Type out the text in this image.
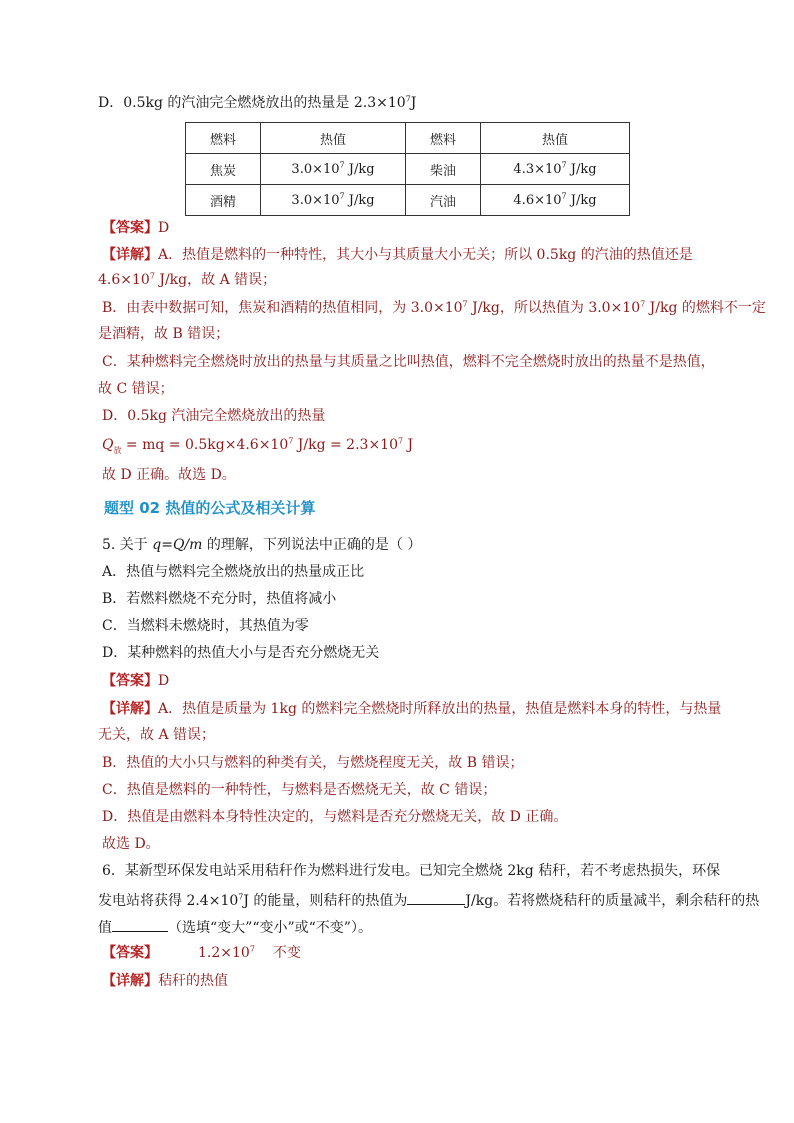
D．0.5kg 的汽油完全燃烧放出的热量是 $2.3\times 10^7J$
燃料	热值	燃料	热值
焦炭	$3.0\times 10^7$ J/kg	柴油	$4.3\times 10^7$ J/kg
酒精	$3.0\times 10^7$ J/kg	汽油	$4.6\times 10^7$ J/kg
【答案】D
【详解】A．热值是燃料的一种特性，其大小与其质量大小无关；所以 0.5kg 的汽油的热值还是
$4.6\times 10^7$ J/kg，故 A 错误；
B．由表中数据可知，焦炭和酒精的热值相同，为 $3.0\times 10^7$ J/kg，所以热值为 $3.0\times 10^7$ J/kg 的燃料不一定
是酒精，故 B 错误；
C．某种燃料完全燃烧时放出的热量与其质量之比叫热值，燃料不完全燃烧时放出的热量不是热值，
故 C 错误；
D．0.5kg 汽油完全燃烧放出的热量
$Q_放$ = mq = $0.5kg\times 4.6\times 10^7$ $J/kg = 2.3\times 10^7$ J
故 D 正确。故选 D。
题型 02 热值的公式及相关计算
5. 关于 q=Q/m 的理解，下列说法中正确的是（ ）
A．热值与燃料完全燃烧放出的热量成正比
B．若燃料燃烧不充分时，热值将减小
C．当燃料未燃烧时，其热值为零
D．某种燃料的热值大小与是否充分燃烧无关
【答案】D
【详解】A．热值是质量为 1kg 的燃料完全燃烧时所释放出的热量，热值是燃料本身的特性，与热量
无关，故 A 错误；
B．热值的大小只与燃料的种类有关，与燃烧程度无关，故 B 错误；
C．热值是燃料的一种特性，与燃料是否燃烧无关，故 C 错误；
D．热值是由燃料本身特性决定的，与燃料是否充分燃烧无关，故 D 正确。
故选 D。
6．某新型环保发电站采用秸秆作为燃料进行发电。已知完全燃烧 2kg 秸秆，若不考虑热损失，环保
发电站将获得 $2.4\times 10^7J$ 的能量，则秸秆的热值为	J/kg。若将燃烧秸秆的质量减半，剩余秸秆的热
值	（选填“变大”“变小”或“不变”）。
【答案】	$1.2\times 10^7$ 不变
【详解】秸秆的热值
